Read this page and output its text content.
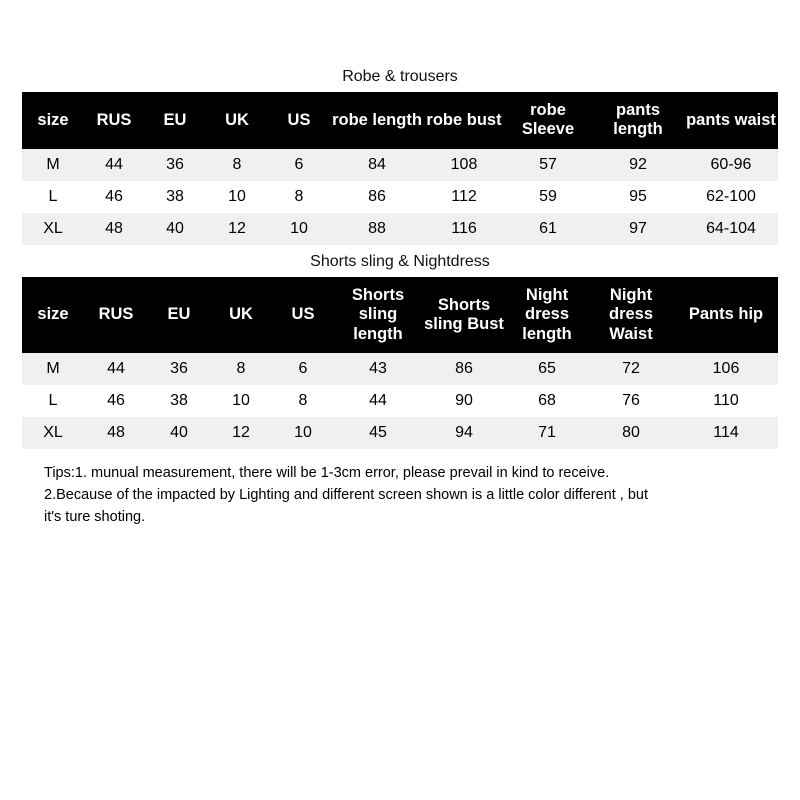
Robe & trousers
size	RUS	EU	UK	US	robe length	robe bust	robe Sleeve	pants length	pants waist
M	44	36	8	6	84	108	57	92	60-96
L	46	38	10	8	86	112	59	95	62-100
XL	48	40	12	10	88	116	61	97	64-104
Shorts sling & Nightdress
size	RUS	EU	UK	US	Shorts sling length	Shorts sling Bust	Night dress length	Night dress Waist	Pants hip
M	44	36	8	6	43	86	65	72	106
L	46	38	10	8	44	90	68	76	110
XL	48	40	12	10	45	94	71	80	114

Tips:1. munual measurement, there will be 1-3cm error, please prevail in kind to receive.

2.Because of the impacted by Lighting and different screen shown is a little color different , but

it's ture shoting.
